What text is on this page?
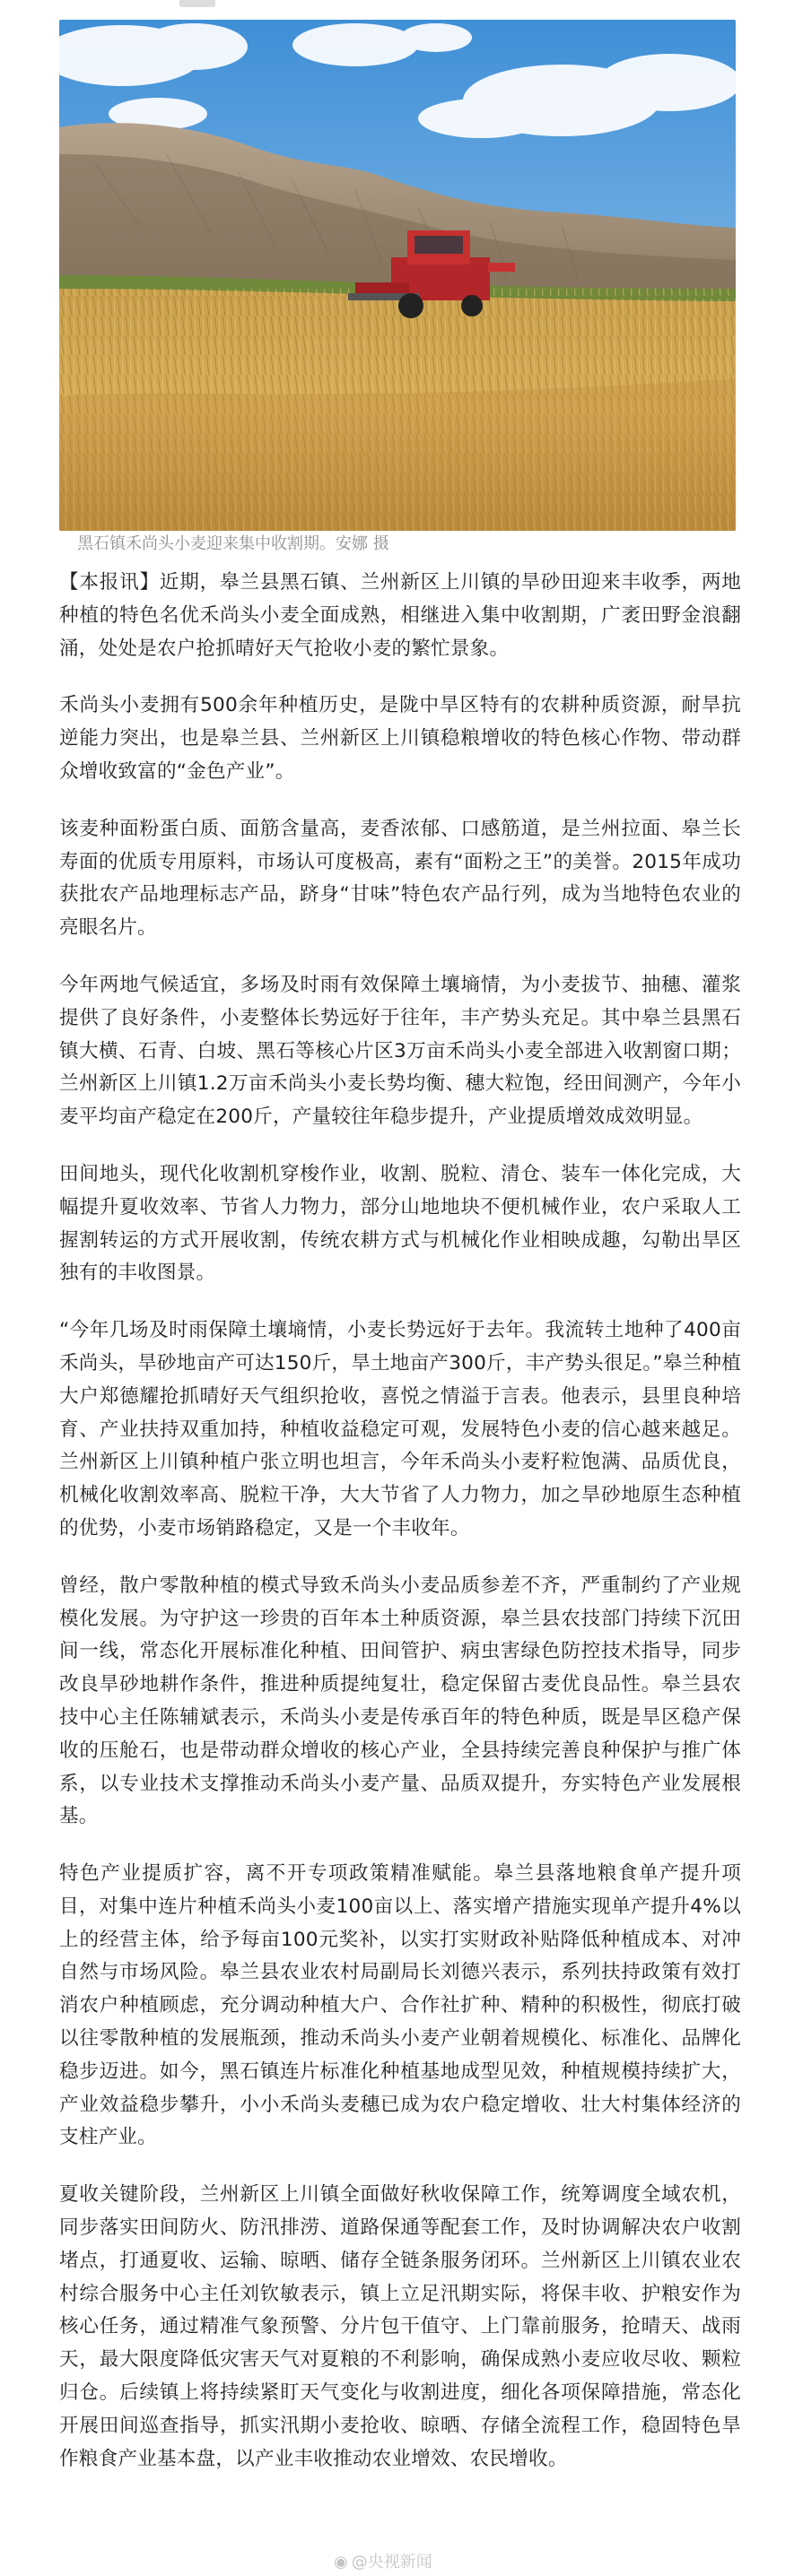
黑石镇禾尚头小麦迎来集中收割期。安娜 摄

【本报讯】近期，皋兰县黑石镇、兰州新区上川镇的旱砂田迎来丰收季，两地种植的特色名优禾尚头小麦全面成熟，相继进入集中收割期，广袤田野金浪翻涌，处处是农户抢抓晴好天气抢收小麦的繁忙景象。

禾尚头小麦拥有500余年种植历史，是陇中旱区特有的农耕种质资源，耐旱抗逆能力突出，也是皋兰县、兰州新区上川镇稳粮增收的特色核心作物、带动群众增收致富的“金色产业”。

该麦种面粉蛋白质、面筋含量高，麦香浓郁、口感筋道，是兰州拉面、皋兰长寿面的优质专用原料，市场认可度极高，素有“面粉之王”的美誉。2015年成功获批农产品地理标志产品，跻身“甘味”特色农产品行列，成为当地特色农业的亮眼名片。

今年两地气候适宜，多场及时雨有效保障土壤墒情，为小麦拔节、抽穗、灌浆提供了良好条件，小麦整体长势远好于往年，丰产势头充足。其中皋兰县黑石镇大横、石青、白坡、黑石等核心片区3万亩禾尚头小麦全部进入收割窗口期；兰州新区上川镇1.2万亩禾尚头小麦长势均衡、穗大粒饱，经田间测产，今年小麦平均亩产稳定在200斤，产量较往年稳步提升，产业提质增效成效明显。

田间地头，现代化收割机穿梭作业，收割、脱粒、清仓、装车一体化完成，大幅提升夏收效率、节省人力物力，部分山地地块不便机械作业，农户采取人工握割转运的方式开展收割，传统农耕方式与机械化作业相映成趣，勾勒出旱区独有的丰收图景。

“今年几场及时雨保障土壤墒情，小麦长势远好于去年。我流转土地种了400亩禾尚头，旱砂地亩产可达150斤，旱土地亩产300斤，丰产势头很足。”皋兰种植大户郑德耀抢抓晴好天气组织抢收，喜悦之情溢于言表。他表示，县里良种培育、产业扶持双重加持，种植收益稳定可观，发展特色小麦的信心越来越足。兰州新区上川镇种植户张立明也坦言，今年禾尚头小麦籽粒饱满、品质优良，机械化收割效率高、脱粒干净，大大节省了人力物力，加之旱砂地原生态种植的优势，小麦市场销路稳定，又是一个丰收年。

曾经，散户零散种植的模式导致禾尚头小麦品质参差不齐，严重制约了产业规模化发展。为守护这一珍贵的百年本土种质资源，皋兰县农技部门持续下沉田间一线，常态化开展标准化种植、田间管护、病虫害绿色防控技术指导，同步改良旱砂地耕作条件，推进种质提纯复壮，稳定保留古麦优良品性。皋兰县农技中心主任陈辅斌表示，禾尚头小麦是传承百年的特色种质，既是旱区稳产保收的压舱石，也是带动群众增收的核心产业，全县持续完善良种保护与推广体系，以专业技术支撑推动禾尚头小麦产量、品质双提升，夯实特色产业发展根基。

特色产业提质扩容，离不开专项政策精准赋能。皋兰县落地粮食单产提升项目，对集中连片种植禾尚头小麦100亩以上、落实增产措施实现单产提升4%以上的经营主体，给予每亩100元奖补，以实打实财政补贴降低种植成本、对冲自然与市场风险。皋兰县农业农村局副局长刘德兴表示，系列扶持政策有效打消农户种植顾虑，充分调动种植大户、合作社扩种、精种的积极性，彻底打破以往零散种植的发展瓶颈，推动禾尚头小麦产业朝着规模化、标准化、品牌化稳步迈进。如今，黑石镇连片标准化种植基地成型见效，种植规模持续扩大，产业效益稳步攀升，小小禾尚头麦穗已成为农户稳定增收、壮大村集体经济的支柱产业。

夏收关键阶段，兰州新区上川镇全面做好秋收保障工作，统筹调度全域农机，同步落实田间防火、防汛排涝、道路保通等配套工作，及时协调解决农户收割堵点，打通夏收、运输、晾晒、储存全链条服务闭环。兰州新区上川镇农业农村综合服务中心主任刘钦敏表示，镇上立足汛期实际，将保丰收、护粮安作为核心任务，通过精准气象预警、分片包干值守、上门靠前服务，抢晴天、战雨天，最大限度降低灾害天气对夏粮的不利影响，确保成熟小麦应收尽收、颗粒归仓。后续镇上将持续紧盯天气变化与收割进度，细化各项保障措施，常态化开展田间巡查指导，抓实汛期小麦抢收、晾晒、存储全流程工作，稳固特色旱作粮食产业基本盘，以产业丰收推动农业增效、农民增收。

◉ @央视新闻
